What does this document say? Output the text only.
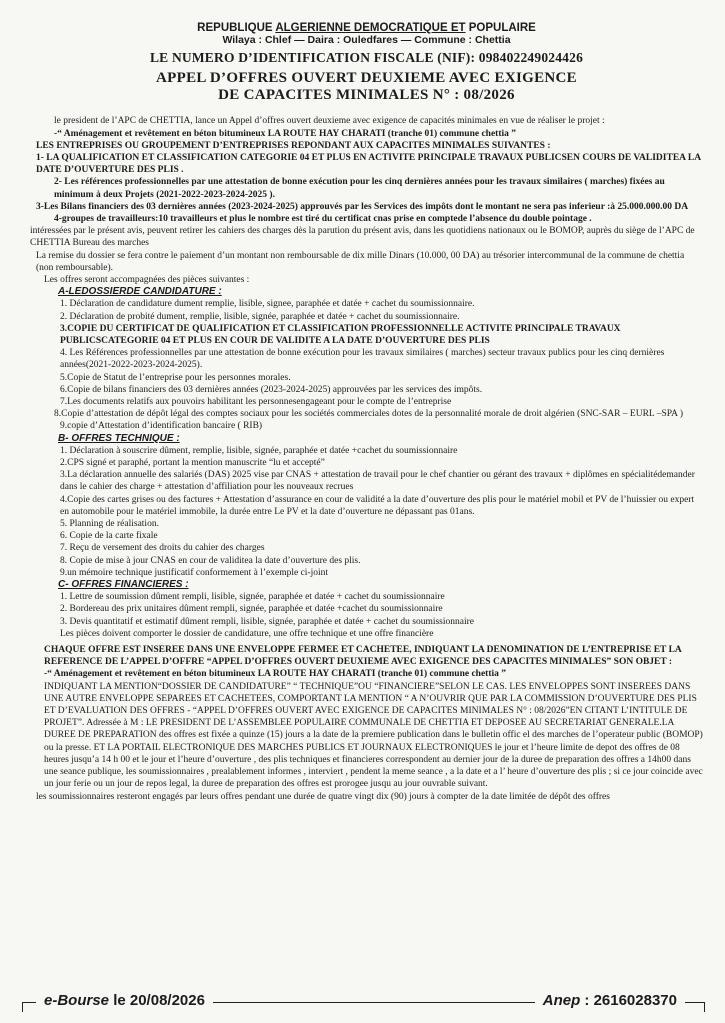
REPUBLIQUE ALGERIENNE DEMOCRATIQUE ET POPULAIRE
Wilaya : Chlef — Daira : Ouledfares — Commune : Chettia
LE NUMERO D’IDENTIFICATION FISCALE (NIF): 098402249024426
APPEL D’OFFRES OUVERT DEUXIEME AVEC EXIGENCE
DE CAPACITES MINIMALES N° : 08/2026

le president de l’APC de CHETTIA, lance un Appel d’offres ouvert deuxieme avec exigence de capacités minimales en vue de réaliser le projet :

-“ Aménagement et revêtement en béton bitumineux LA ROUTE HAY CHARATI (tranche 01) commune chettia ”

LES ENTREPRISES OU GROUPEMENT D’ENTREPRISES REPONDANT AUX CAPACITES MINIMALES SUIVANTES :

1- LA QUALIFICATION ET CLASSIFICATION CATEGORIE 04 ET PLUS EN ACTIVITE PRINCIPALE TRAVAUX PUBLICSEN COURS DE VALIDITEA LA DATE D’OUVERTURE DES PLIS .

2- Les références professionnelles par une attestation de bonne exécution pour les cinq dernières années pour les travaux similaires ( marches) fixées au minimum à deux Projets (2021-2022-2023-2024-2025 ).

3-Les Bilans financiers des 03 dernières années (2023-2024-2025) approuvés par les Services des impôts dont le montant ne sera pas inferieur :à 25.000.000.00 DA

4-groupes de travailleurs:10 travailleurs et plus le nombre est tiré du certificat cnas prise en comptede l’absence du double pointage .

intéressées par le présent avis, peuvent retirer les cahiers des charges dès la parution du présent avis, dans les quotidiens nationaux ou le BOMOP, auprès du siège de l’APC de CHETTIA Bureau des marches

La remise du dossier se fera contre le paiement d’un montant non remboursable de dix mille Dinars (10.000, 00 DA) au trésorier intercommunal de la commune de chettia (non remboursable).

Les offres seront accompagnées des pièces suivantes :

A-LEDOSSIERDE CANDIDATURE :

1. Déclaration de candidature dument remplie, lisible, signee, paraphée et datée + cachet du soumissionnaire.

2. Déclaration de probité dument, remplie, lisible, signée, paraphée et datée + cachet du soumissionnaire.

3.COPIE DU CERTIFICAT DE QUALIFICATION ET CLASSIFICATION PROFESSIONNELLE ACTIVITE PRINCIPALE TRAVAUX PUBLICSCATEGORIE 04 ET PLUS EN COUR DE VALIDITE A LA DATE D’OUVERTURE DES PLIS

4. Les Références professionnelles par une attestation de bonne exécution pour les travaux similaires ( marches) secteur travaux publics pour les cinq dernières années(2021-2022-2023-2024-2025).

5.Copie de Statut de l’entreprise pour les personnes morales.

6.Copie de bilans financiers des 03 dernières années (2023-2024-2025) approuvées par les services des impôts.

7.Les documents relatifs aux pouvoirs habilitant les personnesengageant pour le compte de l’entreprise

8.Copie d’attestation de dépôt légal des comptes sociaux pour les sociétés commerciales dotes de la personnalité morale de droit algérien (SNC-SAR – EURL –SPA )

9.copie d’Attestation d’identification bancaire ( RIB)

B- OFFRES TECHNIQUE :

1. Déclaration à souscrire dûment, remplie, lisible, signée, paraphée et datée +cachet du soumissionnaire

2.CPS signé et paraphé, portant la mention manuscrite “lu et accepté”

3.La déclaration annuelle des salariés (DAS) 2025 vise par CNAS + attestation de travail pour le chef chantier ou gérant des travaux + diplômes en spécialitédemander dans le cahier des charge + attestation d’affiliation pour les nouveaux recrues

4.Copie des cartes grises ou des factures + Attestation d’assurance en cour de validité a la date d’ouverture des plis pour le matériel mobil et PV de l’huissier ou expert en automobile pour le matériel immobile, la durée entre Le PV et la date d’ouverture ne dépassant pas 01ans.

5. Planning de réalisation.

6. Copie de la carte fixale

7. Reçu de versement des droits du cahier des charges

8. Copie de mise à jour CNAS en cour de validitea la date d’ouverture des plis.

9.un mémoire technique justificatif conformement à l’exemple ci-joint

C- OFFRES FINANCIERES :

1. Lettre de soumission dûment rempli, lisible, signée, paraphée et datée + cachet du soumissionnaire

2. Bordereau des prix unitaires dûment rempli, signée, paraphée et datée +cachet du soumissionnaire

3. Devis quantitatif et estimatif dûment rempli, lisible, signée, paraphée et datée + cachet du soumissionnaire

Les pièces doivent comporter le dossier de candidature, une offre technique et une offre financière

CHAQUE OFFRE EST INSEREE DANS UNE ENVELOPPE FERMEE ET CACHETEE, INDIQUANT LA DENOMINATION DE L’ENTREPRISE ET LA REFERENCE DE L’APPEL D’OFFRE “APPEL D’OFFRES OUVERT DEUXIEME AVEC EXIGENCE DES CAPACITES MINIMALES” SON OBJET :

-“ Aménagement et revêtement en béton bitumineux LA ROUTE HAY CHARATI (tranche 01) commune chettia ”

INDIQUANT LA MENTION“DOSSIER DE CANDIDATURE” “ TECHNIQUE”OU “FINANCIERE”SELON LE CAS. LES ENVELOPPES SONT INSEREES DANS UNE AUTRE ENVELOPPE SEPAREES ET CACHETEES, COMPORTANT LA MENTION “ A N’OUVRIR QUE PAR LA COMMISSION D’OUVERTURE DES PLIS ET D’EVALUATION DES OFFRES - “APPEL D’OFFRES OUVERT AVEC EXIGENCE DE CAPACITES MINIMALES N° : 08/2026”EN CITANT L’INTITULE DE PROJET”. Adressée à M : LE PRESIDENT DE L’ASSEMBLEE POPULAIRE COMMUNALE DE CHETTIA ET DEPOSEE AU SECRETARIAT GENERALE.LA DUREE DE PREPARATION des offres est fixée a quinze (15) jours a la date de la premiere publication dans le bulletin offic el des marches de l’operateur public (BOMOP) ou la presse. ET LA PORTAIL ELECTRONIQUE DES MARCHES PUBLICS ET JOURNAUX ELECTRONIQUES le jour et l’heure limite de depot des offres de 08 heures jusqu’a 14 h 00 et le jour et l’heure d’ouverture , des plis techniques et financieres correspondent au dernier jour de la duree de preparation des offres a 14h00 dans une seance publique, les soumissionnaires , prealablement informes , interviert , pendent la meme seance , a la date et a l’ heure d’ouverture des plis ; si ce jour coincide avec un jour ferie ou un jour de repos legal, la duree de preparation des offres est prorogee jusqu au jour ouvrable suivant.

les soumissionnaires resteront engagés par leurs offres pendant une durée de quatre vingt dix (90) jours à compter de la date limitée de dépôt des offres

e-Bourse le 20/08/2026	Anep : 2616028370
